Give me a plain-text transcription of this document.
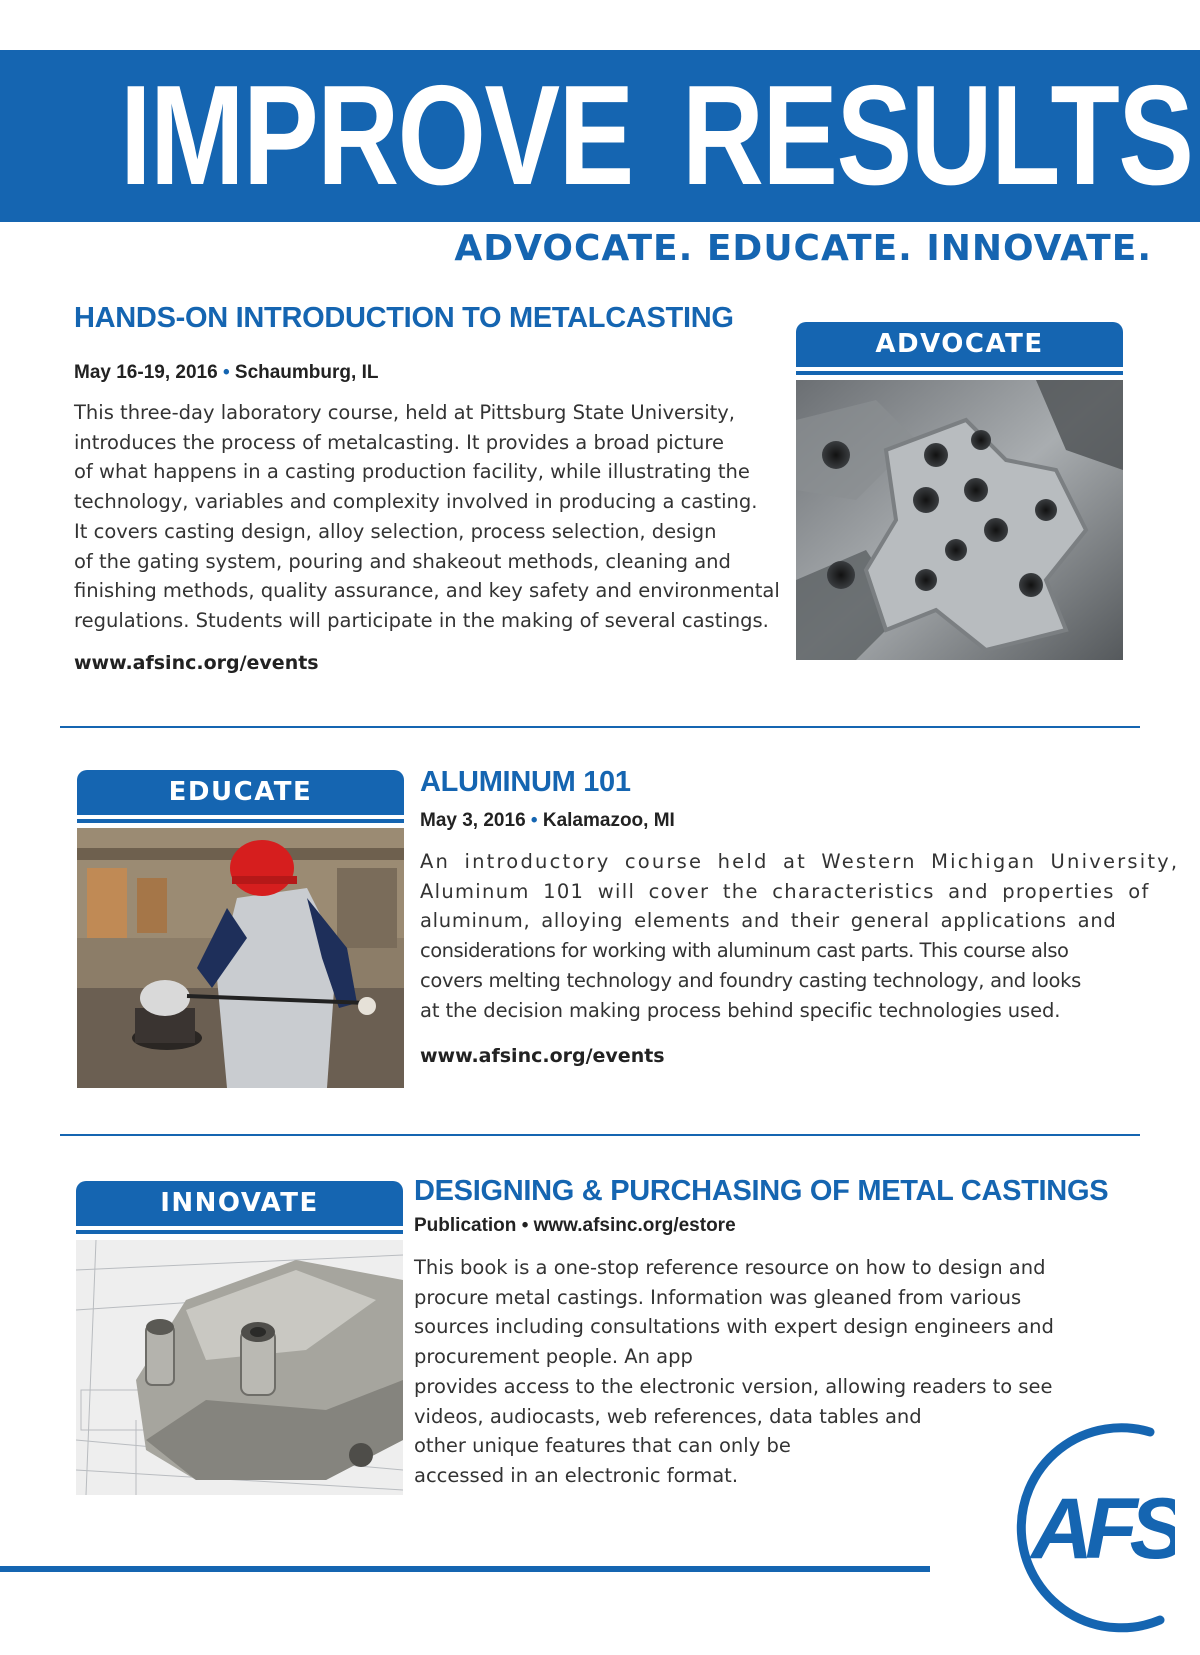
IMPROVE RESULTS
ADVOCATE. EDUCATE. INNOVATE.
HANDS-ON INTRODUCTION TO METALCASTING
May 16-19, 2016 • Schaumburg, IL
This three-day laboratory course, held at Pittsburg State University,
introduces the process of metalcasting. It provides a broad picture
of what happens in a casting production facility, while illustrating the
technology, variables and complexity involved in producing a casting.
It covers casting design, alloy selection, process selection, design
of the gating system, pouring and shakeout methods, cleaning and
finishing methods, quality assurance, and key safety and environmental
regulations. Students will participate in the making of several castings.
www.afsinc.org/events
ADVOCATE
EDUCATE	ALUMINUM 101
May 3, 2016 • Kalamazoo, MI
An introductory course held at Western Michigan University,
Aluminum 101 will cover the characteristics and properties of
aluminum, alloying elements and their general applications and
considerations for working with aluminum cast parts. This course also
covers melting technology and foundry casting technology, and looks
at the decision making process behind specific technologies used.
www.afsinc.org/events
INNOVATE	DESIGNING & PURCHASING OF METAL CASTINGS
Publication • www.afsinc.org/estore
This book is a one-stop reference resource on how to design and
procure metal castings. Information was gleaned from various
sources including consultations with expert design engineers and
procurement people. An app
provides access to the electronic version, allowing readers to see
videos, audiocasts, web references, data tables and
other unique features that can only be
accessed in an electronic format.
AFS
